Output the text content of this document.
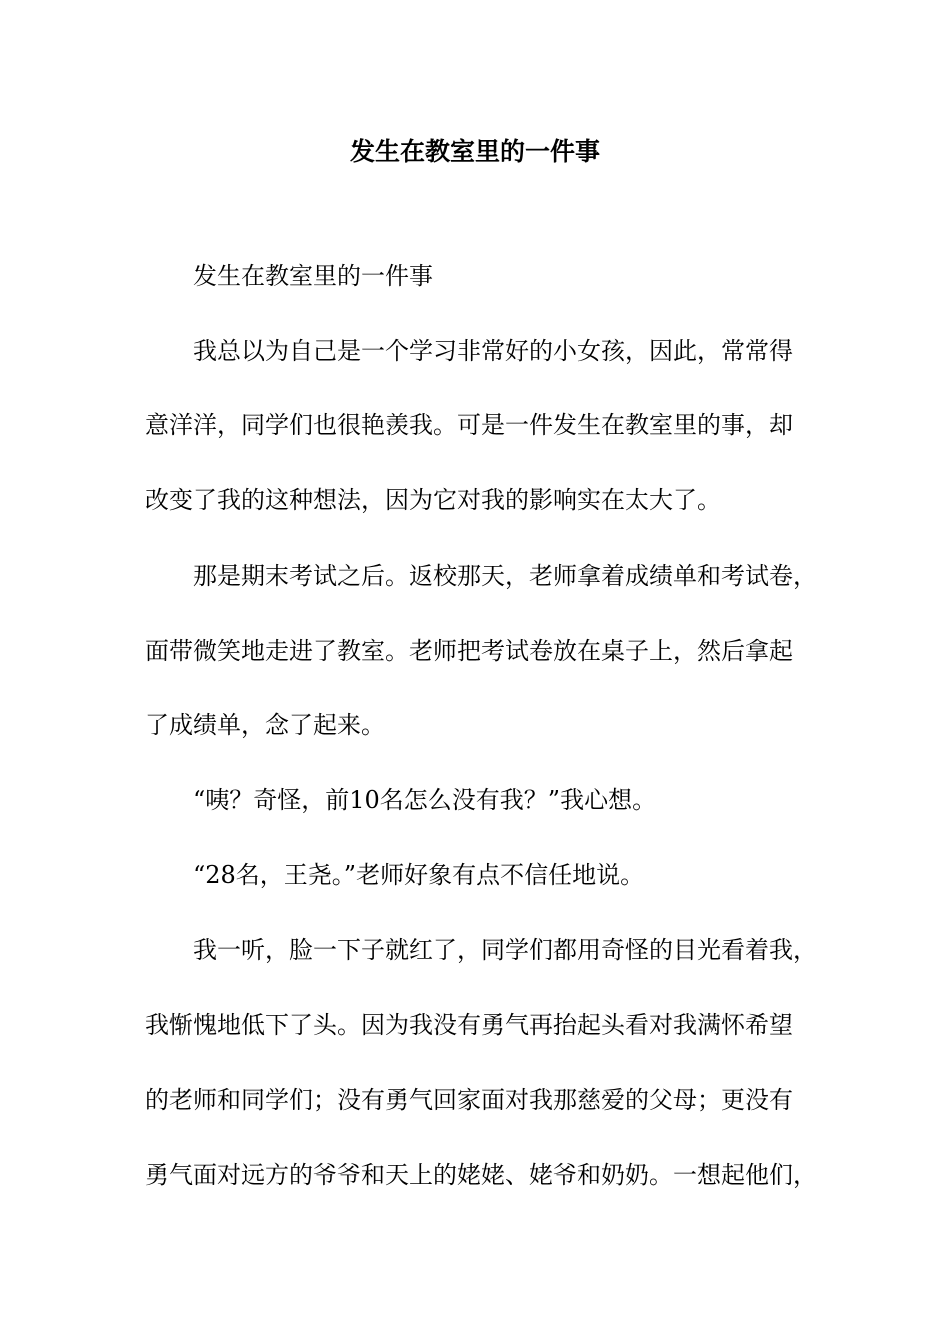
发生在教室里的一件事

发生在教室里的一件事

我总以为自己是一个学习非常好的小女孩，因此，常常得

意洋洋，同学们也很艳羡我。可是一件发生在教室里的事，却

改变了我的这种想法，因为它对我的影响实在太大了。

那是期末考试之后。返校那天，老师拿着成绩单和考试卷，

面带微笑地走进了教室。老师把考试卷放在桌子上，然后拿起

了成绩单，念了起来。

“咦？奇怪，前10名怎么没有我？”我心想。

“28名，王尧。”老师好象有点不信任地说。

我一听，脸一下子就红了，同学们都用奇怪的目光看着我，

我惭愧地低下了头。因为我没有勇气再抬起头看对我满怀希望

的老师和同学们；没有勇气回家面对我那慈爱的父母；更没有

勇气面对远方的爷爷和天上的姥姥、姥爷和奶奶。一想起他们，
